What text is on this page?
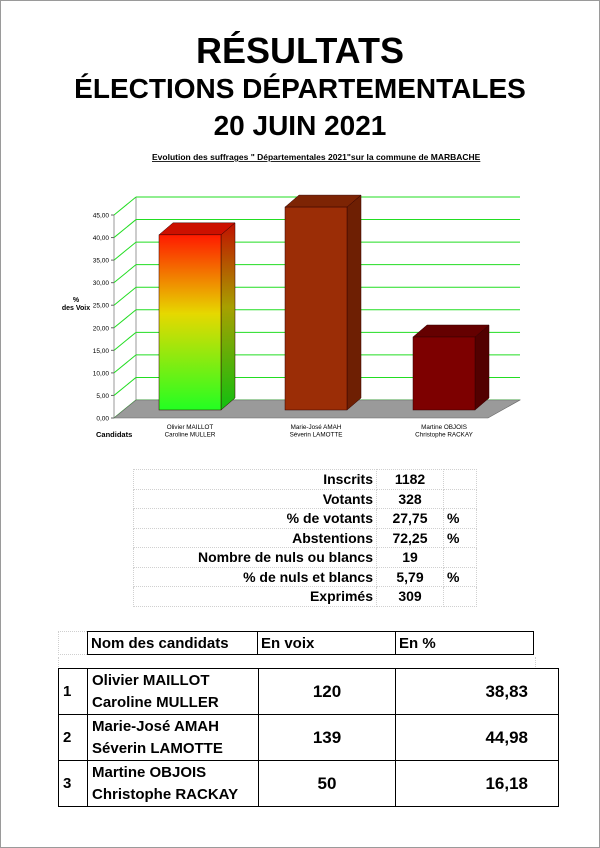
RÉSULTATS
ÉLECTIONS DÉPARTEMENTALES
20 JUIN 2021
Evolution des suffrages " Départementales 2021"sur la commune de MARBACHE
0,00
5,00
10,00
15,00
20,00
25,00
30,00
35,00
40,00
45,00
%
des Voix
Candidats
Olivier MAILLOT
Caroline MULLER
Marie-José AMAH
Séverin LAMOTTE
Martine OBJOIS
Christophe RACKAY
Inscrits	1182	
Votants	328	
% de votants	27,75	%
Abstentions	72,25	%
Nombre de nuls ou blancs	19	
% de nuls et blancs	5,79	%
Exprimés	309	
	Nom des candidats	En voix	En %
1	Olivier MAILLOT
Caroline MULLER	120	38,83
2	Marie-José AMAH
Séverin LAMOTTE	139	44,98
3	Martine OBJOIS
Christophe RACKAY	50	16,18
